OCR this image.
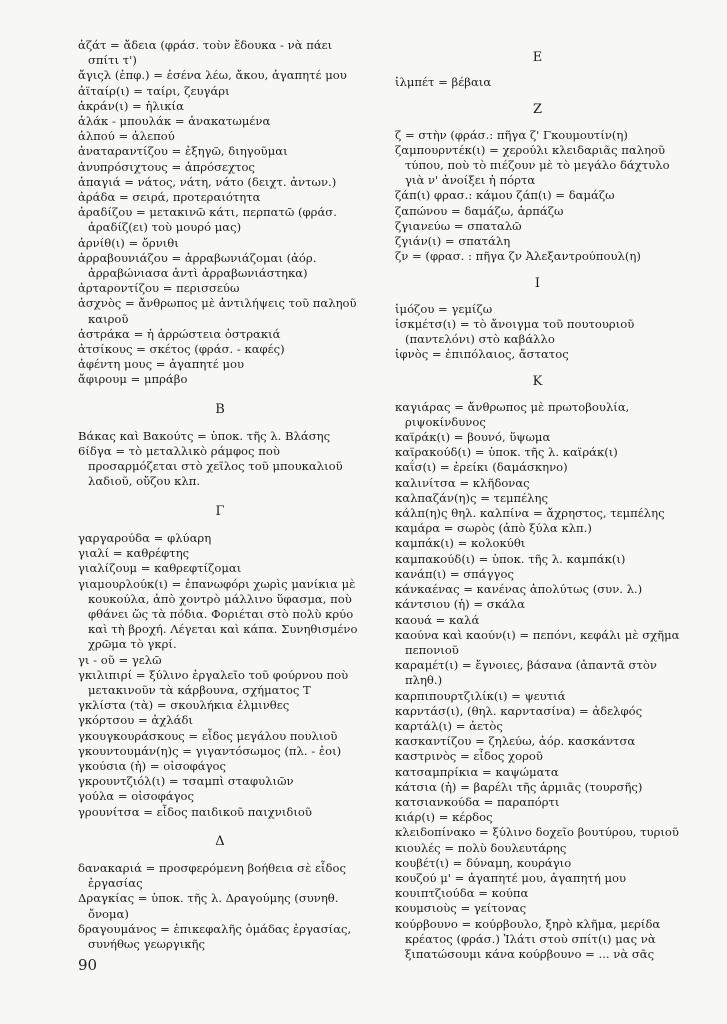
ἀζάτ = ἄδεια (φράσ. τοὺν ἔδουκα - νὰ πάει σπίτι τ')

ἄγιςλ (ἐπφ.) = ἐσένα λέω, ἄκου, ἀγαπητέ μου

ἀϊταίρ(ι) = ταίρι, ζευγάρι

ἀκράν(ι) = ἡλικία

ἀλάκ - μπουλάκ = ἀνακατωμένα

ἀλπού = ἀλεπού

ἀναταραντίζου = ἐξηγῶ, διηγοῦμαι

ἀνυπρόσιχτους = ἀπρόσεχτος

ἀπαγιά = νάτος, νάτη, νάτο (δειχτ. ἀντων.)

ἀράδα = σειρά, προτεραιότητα

ἀραδίζου = μετακινῶ κάτι, περπατῶ (φράσ. ἀραδίζ(ει) τοὺ μουρό μας)

ἀρνίθ(ι) = ὄρνιθι

ἀρραβουνιάζου = ἀρραβωνιάζομαι (ἀόρ. ἀρραβώνιασα ἀντὶ ἀρραβωνιάστηκα)

ἀρταροντίζου = περισσεύω

ἀσχνὸς = ἄνθρωπος μὲ ἀντιλήψεις τοῦ παληοῦ καιροῦ

ἀστράκα = ἡ ἀρρώστεια ὀστρακιά

ἀτσίκους = σκέτος (φράσ. - καφές)

ἀφέντη μους = ἀγαπητέ μου

ἄφιρουμ = μπράβο

Β

Βάκας καὶ Βακούτς = ὑποκ. τῆς λ. Βλάσης

6ίδγα = τὸ μεταλλικὸ ράμφος ποὺ προσαρμόζεται στὸ χεῖλος τοῦ μπουκαλιοῦ λαδιοῦ, οὔζου κλπ.

Γ

γαργαρούδα = φλύαρη

γιαλί = καθρέφτης

γιαλίζουμ = καθρεφτίζομαι

γιαμουρλούκ(ι) = ἐπανωφόρι χωρὶς μανίκια μὲ κουκούλα, ἀπὸ χοντρὸ μάλλινο ὕφασμα, ποὺ φθάνει ὥς τὰ πόδια. Φοριέται στὸ πολὺ κρύο καὶ τὴ βροχή. Λέγεται καὶ κάπα. Συνηθισμένο χρῶμα τὸ γκρί.

γι - οῦ = γελῶ

γκιλιπιρί = ξύλινο ἐργαλεῖο τοῦ φούρνου ποὺ μετακινοῦν τὰ κάρβουνα, σχήματος Τ

γκλίστα (τὰ) = σκουλήκια ἐλμινθες

γκόρτσου = ἀχλάδι

γκουγκουράσκους = εἶδος μεγάλου πουλιοῦ

γκουντουμάν(η)ς = γιγαντόσωμος (πλ. - ἐοι)

γκούσια (ἡ) = οἰσοφάγος

γκρουντζιόλ(ι) = τσαμπὶ σταφυλιῶν

γούλα = οἰσοφάγος

γρουνίτσα = εἶδος παιδικοῦ παιχνιδιοῦ

Δ

δανακαριά = προσφερόμενη βοήθεια σὲ εἶδος ἐργασίας

Δραγκίας = ὑποκ. τῆς λ. Δραγούμης (συνηθ. ὄνομα)

δραγουμάνος = ἐπικεφαλῆς ὁμάδας ἐργασίας, συνήθως γεωργικῆς

Ε

ἰλμπέτ = βέβαια

Ζ

ζ = στὴν (φράσ.: πῆγα ζ' Γκουμουτίν(η)

ζαμπουρντέκ(ι) = χερούλι κλειδαριᾶς παληοῦ τύπου, ποὺ τὸ πιέζουν μὲ τὸ μεγάλο δάχτυλο γιὰ ν' ἀνοίξει ἡ πόρτα

ζάπ(ι) φρασ.: κάμου ζάπ(ι) = δαμάζω

ζαπώνου = δαμάζω, ἁρπάζω

ζγιανεύω = σπαταλῶ

ζγιάν(ι) = σπατάλη

ζν = (φρασ. : πῆγα ζν Ἀλεξαντρούπουλ(η)

Ι

ἰμόζου = γεμίζω

ἰσκμέτσ(ι) = τὸ ἄνοιγμα τοῦ πουτουριοῦ (παντελόνι) στὸ καβάλλο

ἰφνὸς = ἐπιπόλαιος, ἄστατος

Κ

καγιάρας = ἄνθρωπος μὲ πρωτοβουλία, ριψοκίνδυνος

καϊράκ(ι) = βουνό, ὕψωμα

καϊρακούδ(ι) = ὑποκ. τῆς λ. καϊράκ(ι)

καΐσ(ι) = ἐρείκι (δαμάσκηνο)

καλινίτσα = κλῆδονας

καλπαζάν(η)ς = τεμπέλης

κάλπ(η)ς θηλ. καλπίνα = ἄχρηστος, τεμπέλης

καμάρα = σωρὸς (ἀπὸ ξύλα κλπ.)

καμπάκ(ι) = κολοκύθι

καμπακούδ(ι) = ὑποκ. τῆς λ. καμπάκ(ι)

κανάπ(ι) = σπάγγος

κάνκαένας = κανένας ἀπολύτως (συν. λ.)

κάντσιου (ἡ) = σκάλα

καουά = καλά

καούνα καὶ καούν(ι) = πεπόνι, κεφάλι μὲ σχῆμα πεπονιοῦ

καραμέτ(ι) = ἔγνοιες, βάσανα (ἀπαντᾶ στὸν πληθ.)

καρπιπουρτζιλίκ(ι) = ψευτιά

καρντάσ(ι), (θηλ. καρντασίνα) = ἀδελφός

καρτάλ(ι) = ἀετὸς

κασκαντίζου = ζηλεύω, ἀόρ. κασκάντσα

καστρινὸς = εἶδος χοροῦ

κατσαμπρίκια = καψώματα

κάτσια (ἡ) = βαρέλι τῆς ἁρμιᾶς (τουρσῆς)

κατσιανκούδα = παραπόρτι

κιάρ(ι) = κέρδος

κλειδοπίνακο = ξύλινο δοχεῖο βουτύρου, τυριοῦ

κιουλές = πολὺ δουλευτάρης

κουβέτ(ι) = δύναμη, κουράγιο

κουζού μ' = ἀγαπητέ μου, ἀγαπητή μου

κουιπτζιούδα = κούπα

κουμσιοὺς = γείτονας

κούρβουνο = κούρβουλο, ξηρὸ κλῆμα, μερίδα κρέατος (φράσ.) Ἰλάτι στοὺ σπίτ(ι) μας νὰ ξιπατώσουμι κάνα κούρβουνο = ... νὰ σᾶς

90
